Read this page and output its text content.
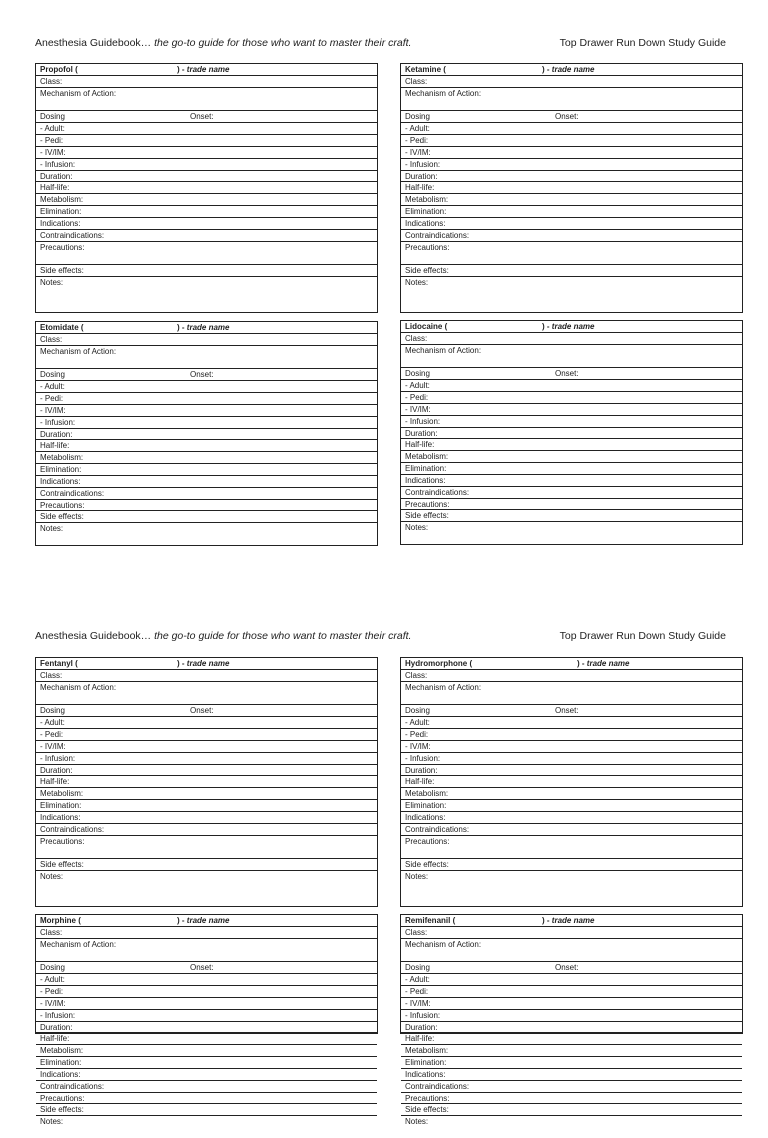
Anesthesia Guidebook… the go-to guide for those who want to master their craft.	Top Drawer Run Down Study Guide
Anesthesia Guidebook… the go-to guide for those who want to master their craft.	Top Drawer Run Down Study Guide
Propofol (	) - trade name
Class:
Mechanism of Action:
Dosing	Onset:
- Adult:
- Pedi:
- IV/IM:
- Infusion:
Duration:
Half-life:
Metabolism:
Elimination:
Indications:
Contraindications:
Precautions:
Side effects:
Notes:
Ketamine (	) - trade name
Class:
Mechanism of Action:
Dosing	Onset:
- Adult:
- Pedi:
- IV/IM:
- Infusion:
Duration:
Half-life:
Metabolism:
Elimination:
Indications:
Contraindications:
Precautions:
Side effects:
Notes:
Etomidate (	) - trade name
Class:
Mechanism of Action:
Dosing	Onset:
- Adult:
- Pedi:
- IV/IM:
- Infusion:
Duration:
Half-life:
Metabolism:
Elimination:
Indications:
Contraindications:
Precautions:
Side effects:
Notes:
Lidocaine (	) - trade name
Class:
Mechanism of Action:
Dosing	Onset:
- Adult:
- Pedi:
- IV/IM:
- Infusion:
Duration:
Half-life:
Metabolism:
Elimination:
Indications:
Contraindications:
Precautions:
Side effects:
Notes:
Fentanyl (	) - trade name
Class:
Mechanism of Action:
Dosing	Onset:
- Adult:
- Pedi:
- IV/IM:
- Infusion:
Duration:
Half-life:
Metabolism:
Elimination:
Indications:
Contraindications:
Precautions:
Side effects:
Notes:
Hydromorphone (	) - trade name
Class:
Mechanism of Action:
Dosing	Onset:
- Adult:
- Pedi:
- IV/IM:
- Infusion:
Duration:
Half-life:
Metabolism:
Elimination:
Indications:
Contraindications:
Precautions:
Side effects:
Notes:
Morphine (	) - trade name
Class:
Mechanism of Action:
Dosing	Onset:
- Adult:
- Pedi:
- IV/IM:
- Infusion:
Duration:
Half-life:
Metabolism:
Elimination:
Indications:
Contraindications:
Precautions:
Side effects:
Notes:
Remifenanil (	) - trade name
Class:
Mechanism of Action:
Dosing	Onset:
- Adult:
- Pedi:
- IV/IM:
- Infusion:
Duration:
Half-life:
Metabolism:
Elimination:
Indications:
Contraindications:
Precautions:
Side effects:
Notes:
